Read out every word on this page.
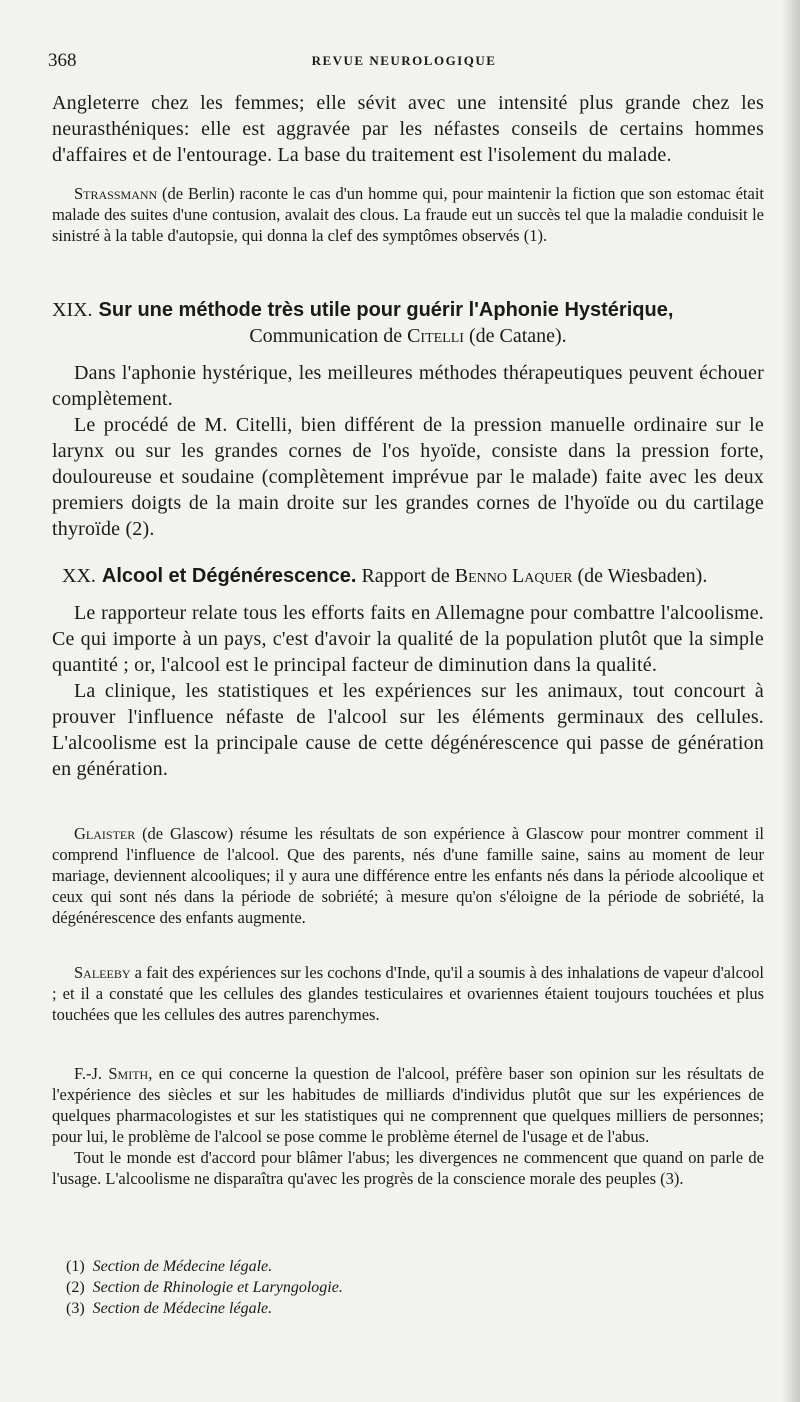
368	REVUE NEUROLOGIQUE

Angleterre chez les femmes; elle sévit avec une intensité plus grande chez les neurasthéniques: elle est aggravée par les néfastes conseils de certains hommes d'affaires et de l'entourage. La base du traitement est l'isolement du malade.

Strassmann (de Berlin) raconte le cas d'un homme qui, pour maintenir la fiction que son estomac était malade des suites d'une contusion, avalait des clous. La fraude eut un succès tel que la maladie conduisit le sinistré à la table d'autopsie, qui donna la clef des symptômes observés (1).
XIX. Sur une méthode très utile pour guérir l'Aphonie Hystérique,
Communication de Citelli (de Catane).

Dans l'aphonie hystérique, les meilleures méthodes thérapeutiques peuvent échouer complètement.

Le procédé de M. Citelli, bien différent de la pression manuelle ordinaire sur le larynx ou sur les grandes cornes de l'os hyoïde, consiste dans la pression forte, douloureuse et soudaine (complètement imprévue par le malade) faite avec les deux premiers doigts de la main droite sur les grandes cornes de l'hyoïde ou du cartilage thyroïde (2).

XX. Alcool et Dégénérescence. Rapport de Benno Laquer (de Wiesbaden).

Le rapporteur relate tous les efforts faits en Allemagne pour combattre l'alcoolisme. Ce qui importe à un pays, c'est d'avoir la qualité de la population plutôt que la simple quantité ; or, l'alcool est le principal facteur de diminution dans la qualité.

La clinique, les statistiques et les expériences sur les animaux, tout concourt à prouver l'influence néfaste de l'alcool sur les éléments germinaux des cellules. L'alcoolisme est la principale cause de cette dégénérescence qui passe de génération en génération.

Glaister (de Glascow) résume les résultats de son expérience à Glascow pour montrer comment il comprend l'influence de l'alcool. Que des parents, nés d'une famille saine, sains au moment de leur mariage, deviennent alcooliques; il y aura une différence entre les enfants nés dans la période alcoolique et ceux qui sont nés dans la période de sobriété; à mesure qu'on s'éloigne de la période de sobriété, la dégénérescence des enfants augmente.
Saleeby a fait des expériences sur les cochons d'Inde, qu'il a soumis à des inhalations de vapeur d'alcool ; et il a constaté que les cellules des glandes testiculaires et ovariennes étaient toujours touchées et plus touchées que les cellules des autres parenchymes.

F.-J. Smith, en ce qui concerne la question de l'alcool, préfère baser son opinion sur les résultats de l'expérience des siècles et sur les habitudes de milliards d'individus plutôt que sur les expériences de quelques pharmacologistes et sur les statistiques qui ne comprennent que quelques milliers de personnes; pour lui, le problème de l'alcool se pose comme le problème éternel de l'usage et de l'abus.

Tout le monde est d'accord pour blâmer l'abus; les divergences ne commencent que quand on parle de l'usage. L'alcoolisme ne disparaîtra qu'avec les progrès de la conscience morale des peuples (3).

(1) Section de Médecine légale.
(2) Section de Rhinologie et Laryngologie.
(3) Section de Médecine légale.
